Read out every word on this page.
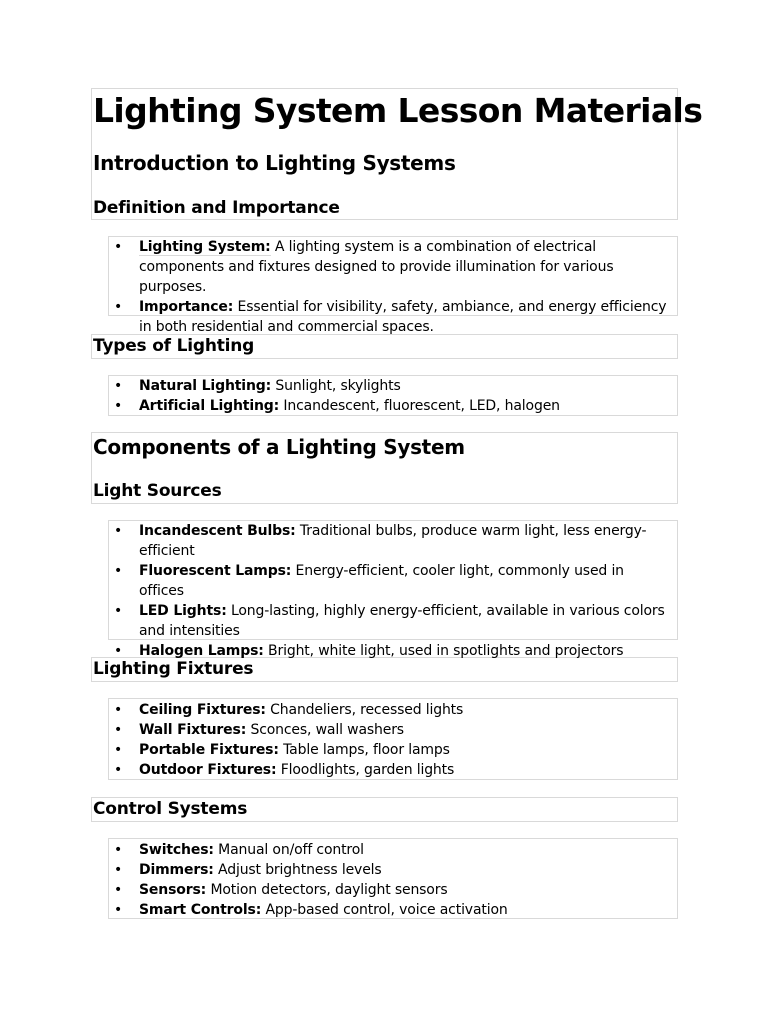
Lighting System Lesson Materials
Introduction to Lighting Systems
Definition and Importance
Types of Lighting
Components of a Lighting System
Light Sources
Lighting Fixtures
Control Systems
• Lighting System: A lighting system is a combination of electrical components and fixtures designed to provide illumination for various purposes.
• Importance: Essential for visibility, safety, ambiance, and energy efficiency in both residential and commercial spaces.
• Natural Lighting: Sunlight, skylights
• Artificial Lighting: Incandescent, fluorescent, LED, halogen
• Incandescent Bulbs: Traditional bulbs, produce warm light, less energy-efficient
• Fluorescent Lamps: Energy-efficient, cooler light, commonly used in offices
• LED Lights: Long-lasting, highly energy-efficient, available in various colors and intensities
• Halogen Lamps: Bright, white light, used in spotlights and projectors
• Ceiling Fixtures: Chandeliers, recessed lights
• Wall Fixtures: Sconces, wall washers
• Portable Fixtures: Table lamps, floor lamps
• Outdoor Fixtures: Floodlights, garden lights
• Switches: Manual on/off control
• Dimmers: Adjust brightness levels
• Sensors: Motion detectors, daylight sensors
• Smart Controls: App-based control, voice activation
